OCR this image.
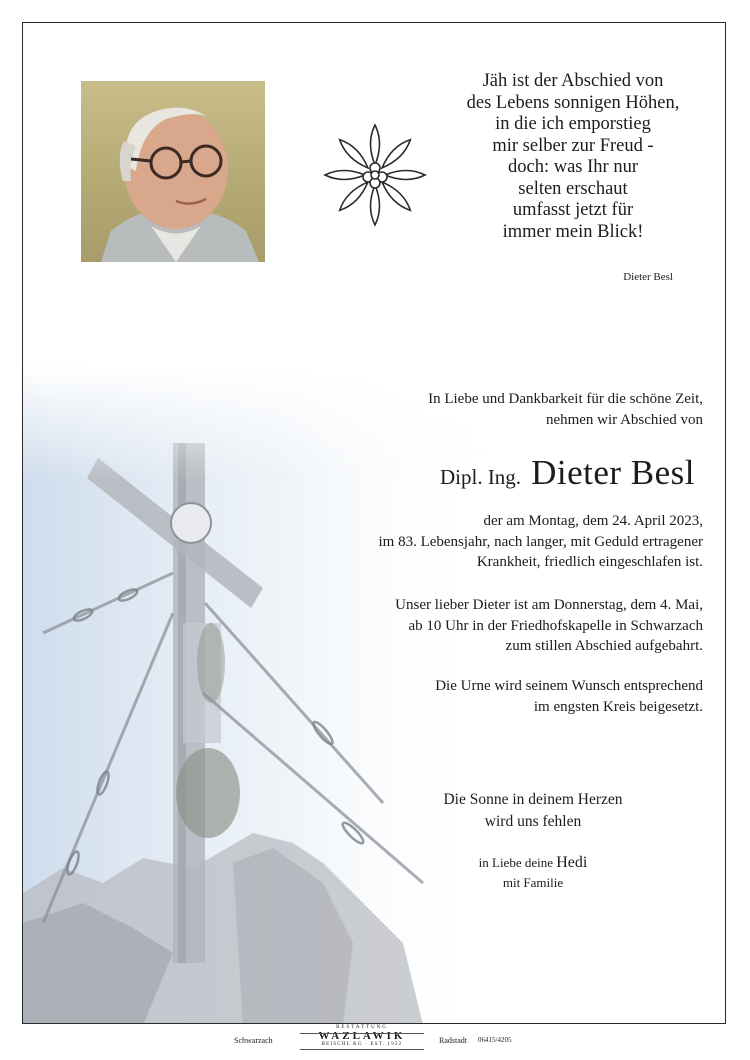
Jäh ist der Abschied von
des Lebens sonnigen Höhen,
in die ich emporstieg
mir selber zur Freud -
doch: was Ihr nur
selten erschaut
umfasst jetzt für
immer mein Blick!
Dieter Besl
In Liebe und Dankbarkeit für die schöne Zeit,
nehmen wir Abschied von
Dipl. Ing. Dieter Besl
der am Montag, dem 24. April 2023,
im 83. Lebensjahr, nach langer, mit Geduld ertragener
Krankheit, friedlich eingeschlafen ist.
Unser lieber Dieter ist am Donnerstag, dem 4. Mai,
ab 10 Uhr in der Friedhofskapelle in Schwarzach
zum stillen Abschied aufgebahrt.
Die Urne wird seinem Wunsch entsprechend
im engsten Kreis beigesetzt.
Die Sonne in deinem Herzen
wird uns fehlen
in Liebe deine Hedi
mit Familie
Schwarzach
BESTATTUNG
WAZLAWIK
BEISCHL KG · EST. 1922	Radstadt 06415/4205
